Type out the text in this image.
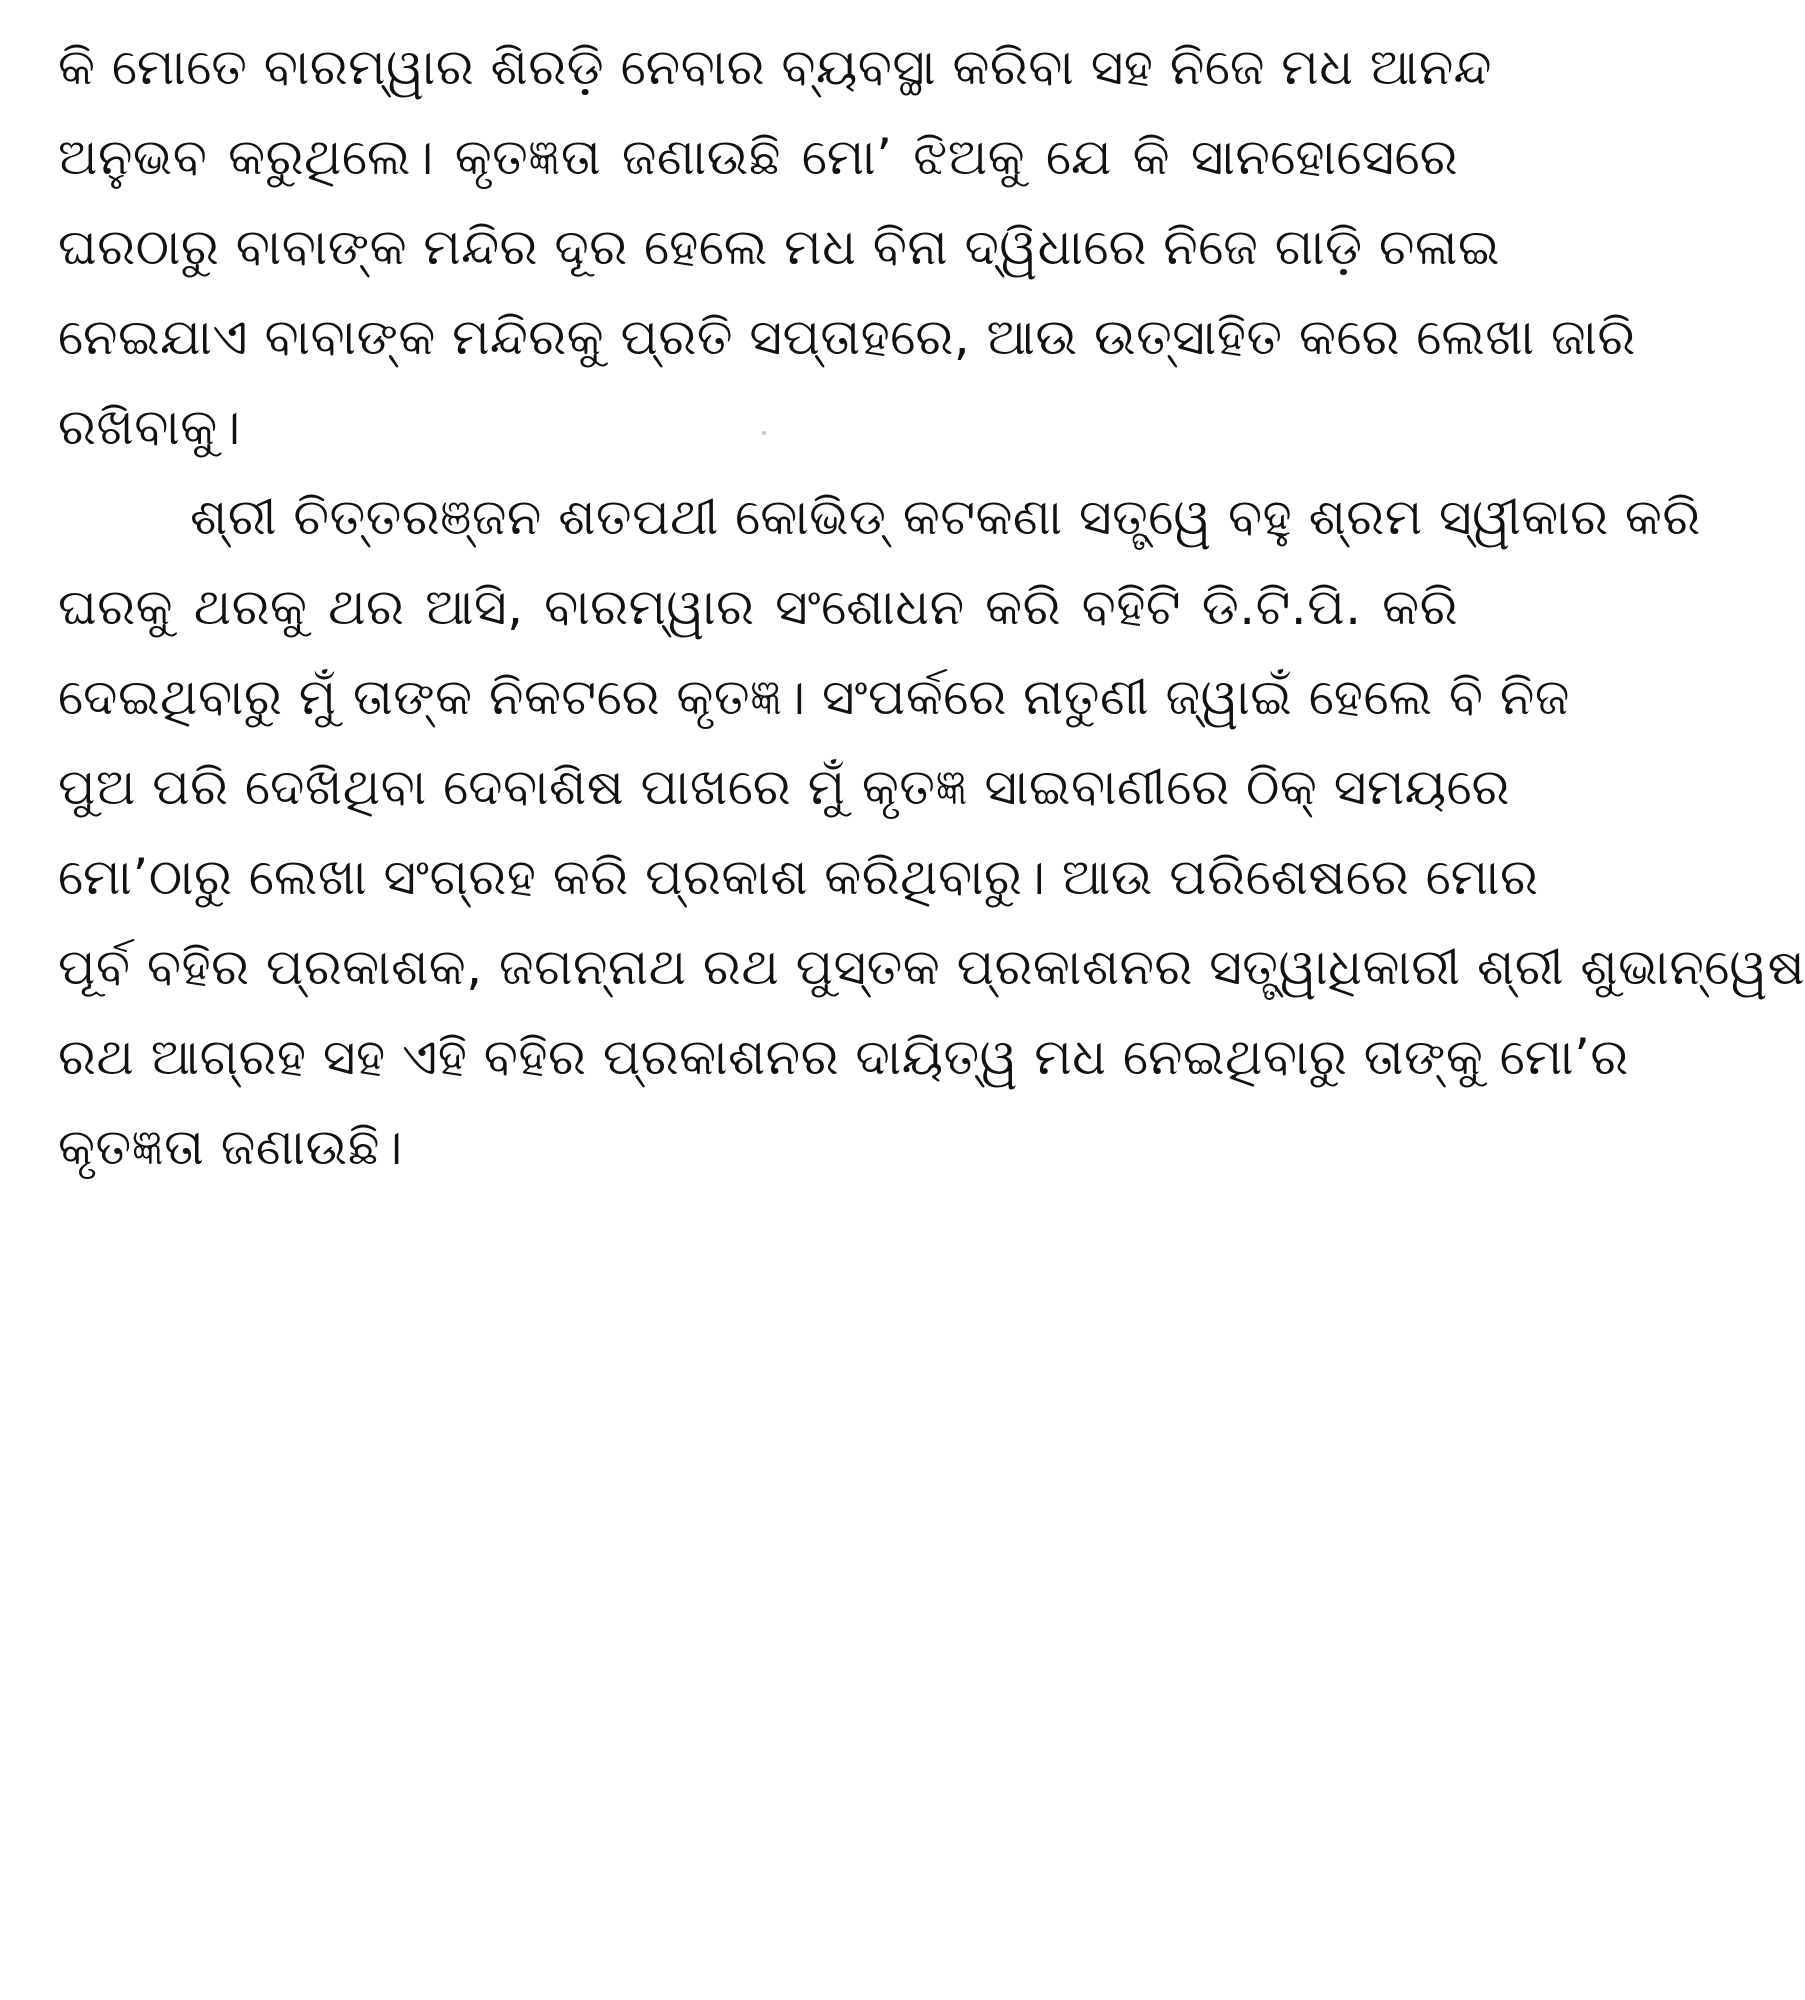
କି ମୋତେ ବାରମ୍ୱାର ଶିରଡ଼ି ନେବାର ବ୍ୟବସ୍ଥା କରିବା ସହ ନିଜେ ମଧ ଆନନ୍ଦ
ଅନୁଭବ କରୁଥିଲେ। କୃତଜ୍ଞତା ଜଣାଉଛି ମୋ’ ଝିଅକୁ ଯେ କି ସାନହୋସେରେ
ଘରଠାରୁ ବାବାଙ୍କ ମନ୍ଦିର ଦୂର ହେଲେ ମଧ ବିନା ଦ୍ୱିଧାରେ ନିଜେ ଗାଡ଼ି ଚଳାଇ
ନେଇଯାଏ ବାବାଙ୍କ ମନ୍ଦିରକୁ ପ୍ରତି ସପ୍ତାହରେ, ଆଉ ଉତ୍ସାହିତ କରେ ଲେଖା ଜାରି
ରଖିବାକୁ।
ଶ୍ରୀ ଚିତ୍ତରଞ୍ଜନ ଶତପଥୀ କୋଭିଡ୍ କଟକଣା ସତ୍ତ୍ୱେ ବହୁ ଶ୍ରମ ସ୍ୱୀକାର କରି
ଘରକୁ ଥରକୁ ଥର ଆସି, ବାରମ୍ୱାର ସଂଶୋଧନ କରି ବହିଟି ଡି.ଟି.ପି. କରି
ଦେଇଥିବାରୁ ମୁଁ ତାଙ୍କ ନିକଟରେ କୃତଜ୍ଞ। ସଂପର୍କରେ ନାତୁଣୀ ଜ୍ୱାଇଁ ହେଲେ ବି ନିଜ
ପୁଅ ପରି ଦେଖିଥିବା ଦେବାଶିଷ ପାଖରେ ମୁଁ କୃତଜ୍ଞ ସାଇବାଣୀରେ ଠିକ୍ ସମୟରେ
ମୋ’ଠାରୁ ଲେଖା ସଂଗ୍ରହ କରି ପ୍ରକାଶ କରିଥିବାରୁ। ଆଉ ପରିଶେଷରେ ମୋର
ପୂର୍ବ ବହିର ପ୍ରକାଶକ, ଜଗନ୍ନାଥ ରଥ ପୁସ୍ତକ ପ୍ରକାଶନର ସତ୍ତ୍ୱାଧିକାରୀ ଶ୍ରୀ ଶୁଭାନ୍ୱେଷ
ରଥ ଆଗ୍ରହ ସହ ଏହି ବହିର ପ୍ରକାଶନର ଦାୟିତ୍ୱ ମଧ ନେଇଥିବାରୁ ତାଙ୍କୁ ମୋ’ର
କୃତଜ୍ଞତା ଜଣାଉଛି।
